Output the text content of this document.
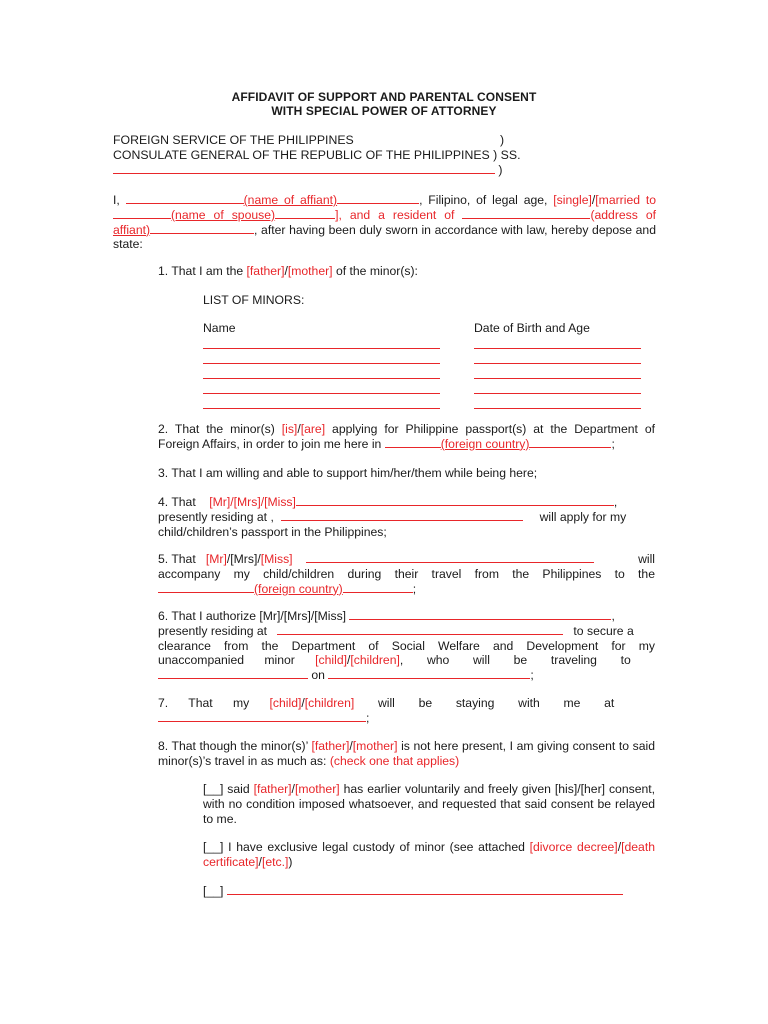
AFFIDAVIT OF SUPPORT AND PARENTAL CONSENT
WITH SPECIAL POWER OF ATTORNEY
FOREIGN SERVICE OF THE PHILIPPINES	)
CONSULATE GENERAL OF THE REPUBLIC OF THE PHILIPPINES ) SS.
)
I,	(name of affiant)	, Filipino, of legal age, [single]/[married to (name of spouse)	], and a resident of	(address of affiant)	, after having been duly sworn in accordance with law, hereby depose and state:
1. That I am the [father]/[mother] of the minor(s):
LIST OF MINORS:
Name	Date of Birth and Age
2. That the minor(s) [is]/[are] applying for Philippine passport(s) at the Department of Foreign Affairs, in order to join me here in	(foreign country)	;
3. That I am willing and able to support him/her/them while being here;
4. That [Mr]/[Mrs]/[Miss]	,
presently residing at ,	will apply for my
child/children’s passport in the Philippines;
5. That [Mr]/[Mrs]/[Miss]	will
accompany my child/children during their travel from the Philippines to the
(foreign country)	;
6. That I authorize [Mr]/[Mrs]/[Miss]	,
presently residing at	to secure a
clearance from the Department of Social Welfare and Development for my
unaccompanied      minor [child]/[children],       who       will       be       traveling       to
on	;
7.      That      my [child]/[children] will       be       staying       with       me       at
;
8. That though the minor(s)’ [father]/[mother] is not here present, I am giving consent to said minor(s)’s travel in as much as: (check one that applies)
[__] said [father]/[mother] has earlier voluntarily and freely given [his]/[her] consent, with no condition imposed whatsoever, and requested that said consent be relayed to me.
[__] I have exclusive legal custody of minor (see attached [divorce decree]/[death certificate]/[etc.])
[__]
